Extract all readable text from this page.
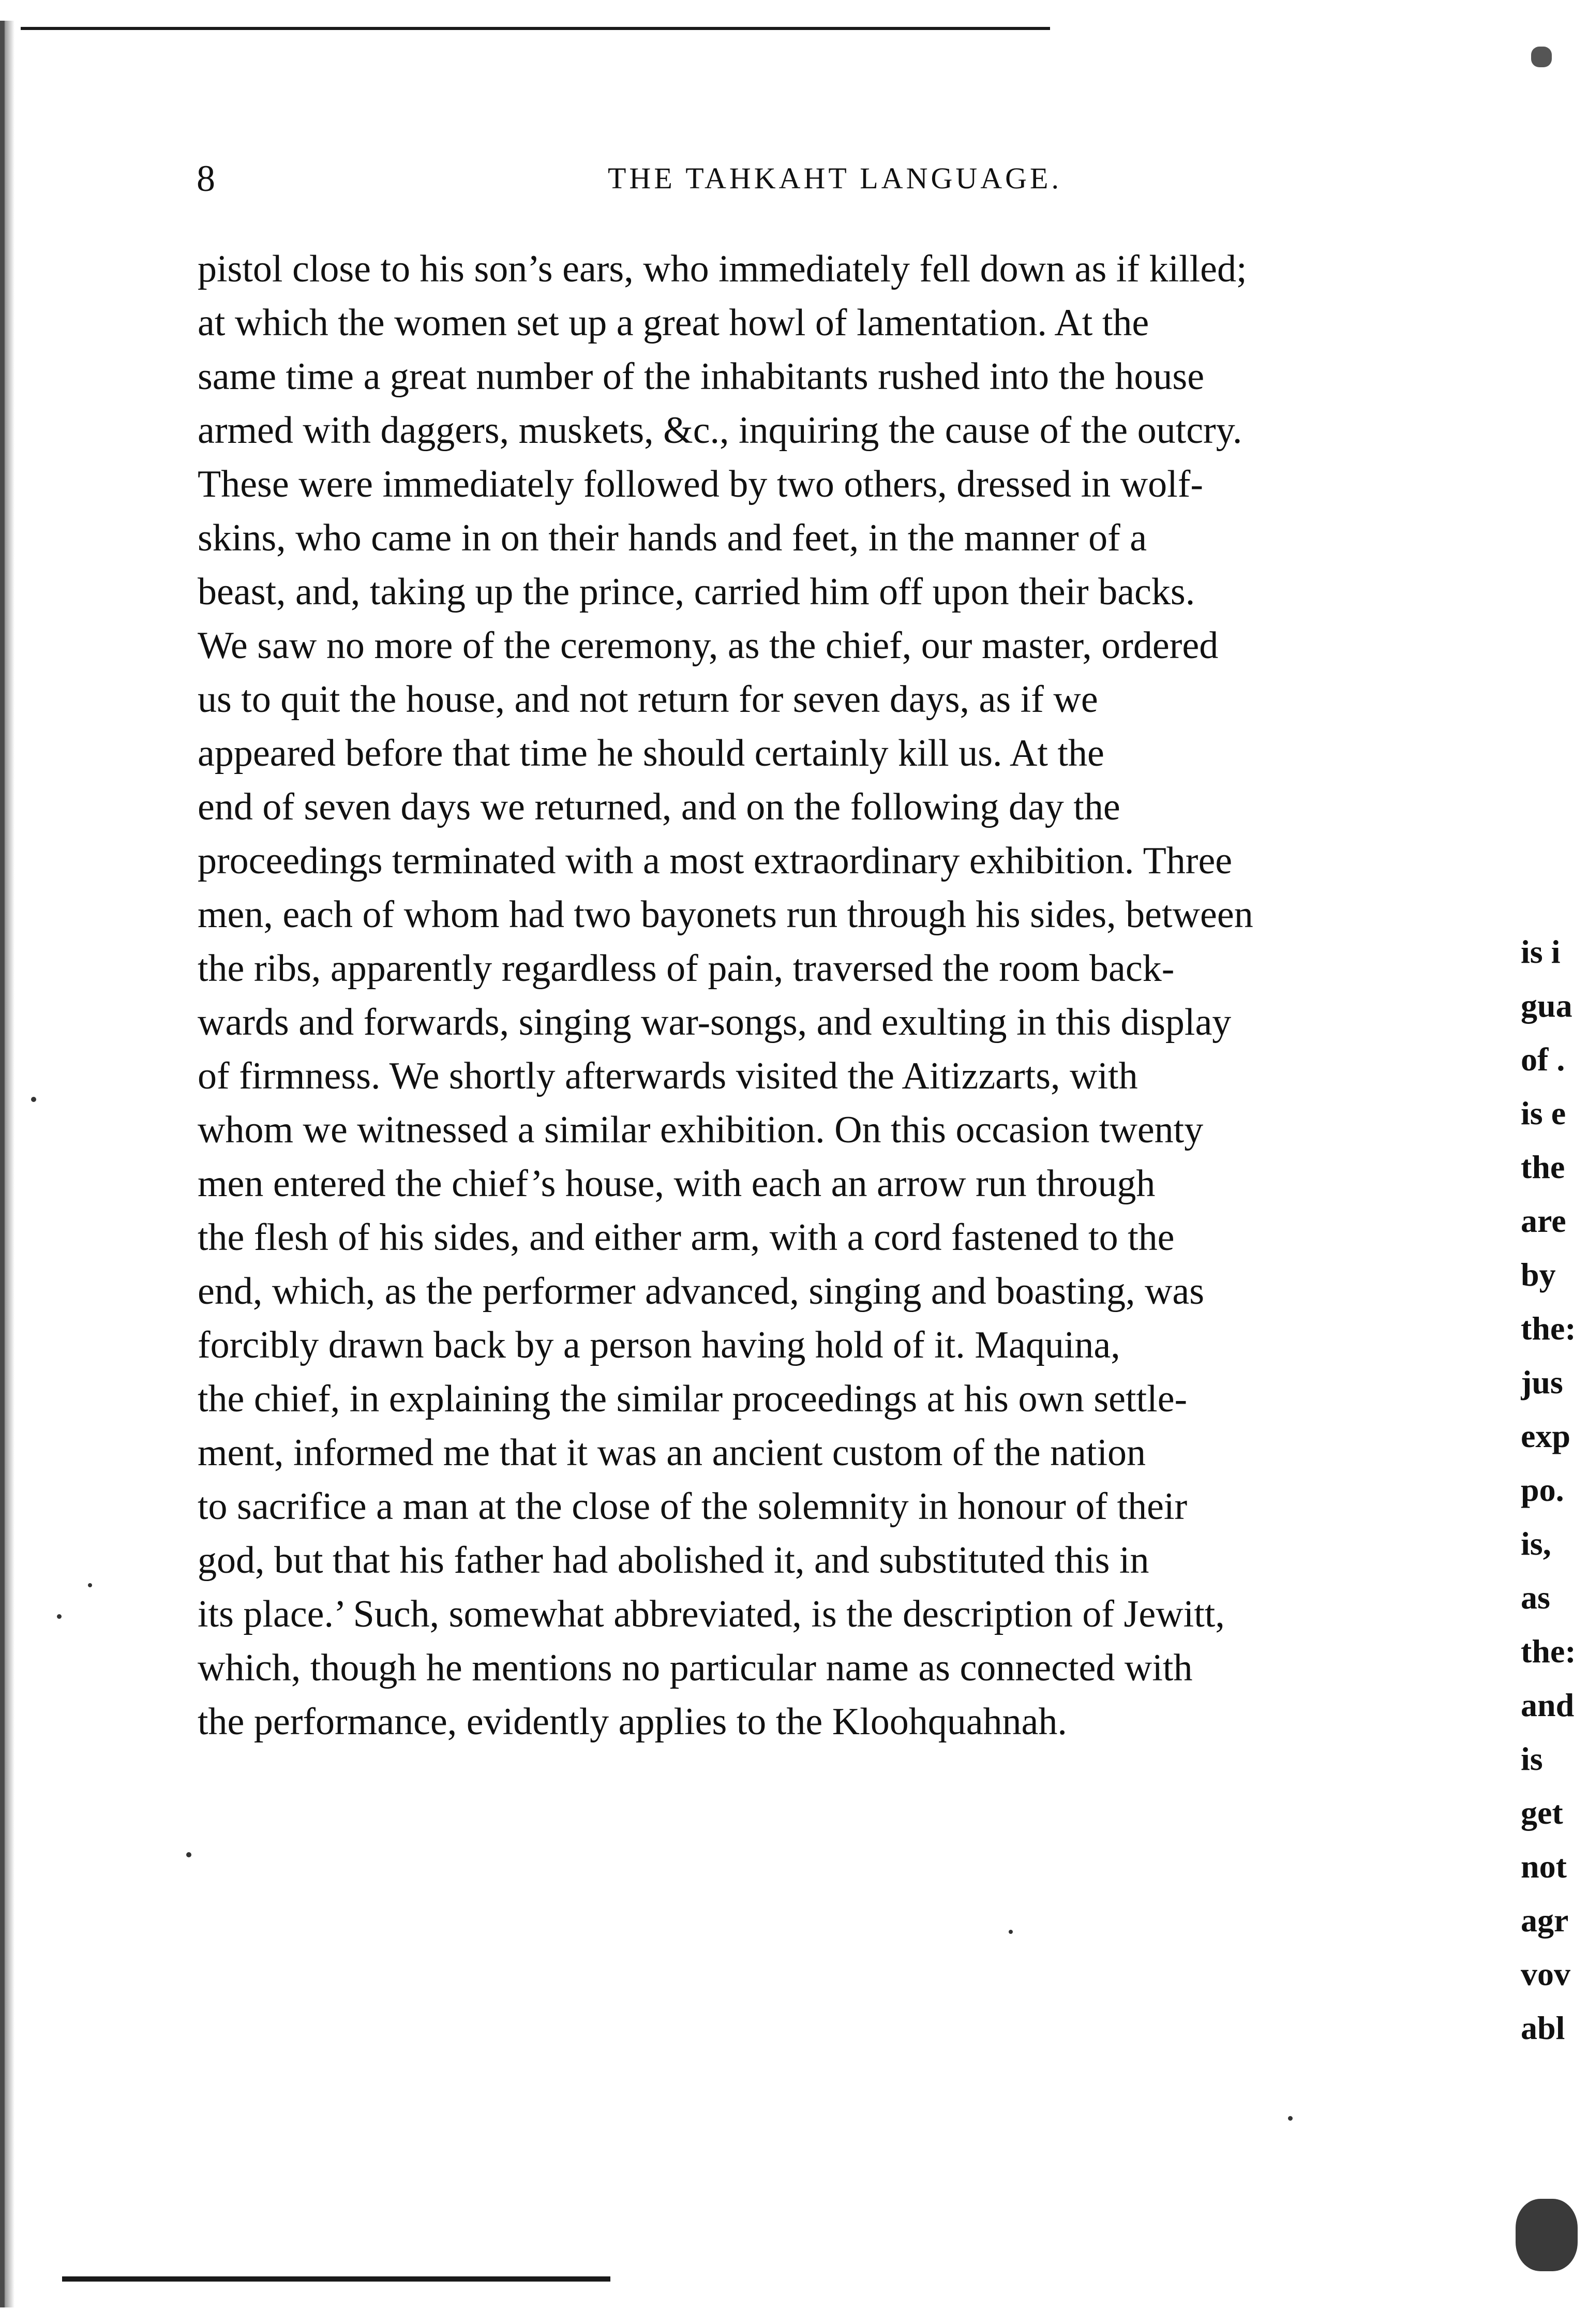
8	THE TAHKAHT LANGUAGE.
pistol close to his son’s ears, who immediately fell down as if killed;
at which the women set up a great howl of lamentation. At the
same time a great number of the inhabitants rushed into the house
armed with daggers, muskets, &c., inquiring the cause of the outcry.
These were immediately followed by two others, dressed in wolf-
skins, who came in on their hands and feet, in the manner of a
beast, and, taking up the prince, carried him off upon their backs.
We saw no more of the ceremony, as the chief, our master, ordered
us to quit the house, and not return for seven days, as if we
appeared before that time he should certainly kill us. At the
end of seven days we returned, and on the following day the
proceedings terminated with a most extraordinary exhibition. Three
men, each of whom had two bayonets run through his sides, between
the ribs, apparently regardless of pain, traversed the room back-
wards and forwards, singing war-songs, and exulting in this display
of firmness. We shortly afterwards visited the Aitizzarts, with
whom we witnessed a similar exhibition. On this occasion twenty
men entered the chief’s house, with each an arrow run through
the flesh of his sides, and either arm, with a cord fastened to the
end, which, as the performer advanced, singing and boasting, was
forcibly drawn back by a person having hold of it. Maquina,
the chief, in explaining the similar proceedings at his own settle-
ment, informed me that it was an ancient custom of the nation
to sacrifice a man at the close of the solemnity in honour of their
god, but that his father had abolished it, and substituted this in
its place.’ Such, somewhat abbreviated, is the description of Jewitt,
which, though he mentions no particular name as connected with
the performance, evidently applies to the Kloohquahnah.
is i
gua
of .
is e
the
are
by
the:
jus
exp
po.
is,
as
the:
and
is
get
not
agr
vov
abl
